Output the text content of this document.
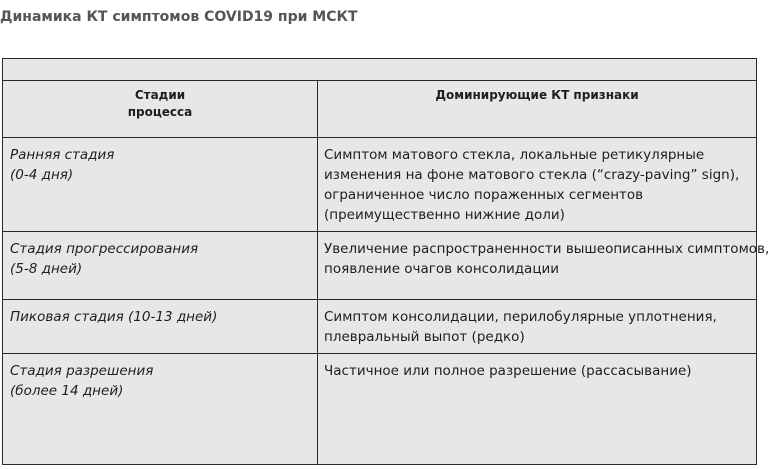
Динамика КТ симптомов COVID19 при МСКТ

Стадии
процесса	Доминирующие КТ признаки

Ранняя стадия
(0-4 дня)	Симптом матового стекла, локальные ретикулярные
изменения на фоне матового стекла (“crazy-paving” sign),
ограниченное число пораженных сегментов
(преимущественно нижние доли)

Стадия прогрессирования
(5-8 дней)	Увеличение распространенности вышеописанных симптомов,
появление очагов консолидации

Пиковая стадия (10-13 дней)	Симптом консолидации, перилобулярные уплотнения,
плевральный выпот (редко)

Стадия разрешения
(более 14 дней)	Частичное или полное разрешение (рассасывание)
